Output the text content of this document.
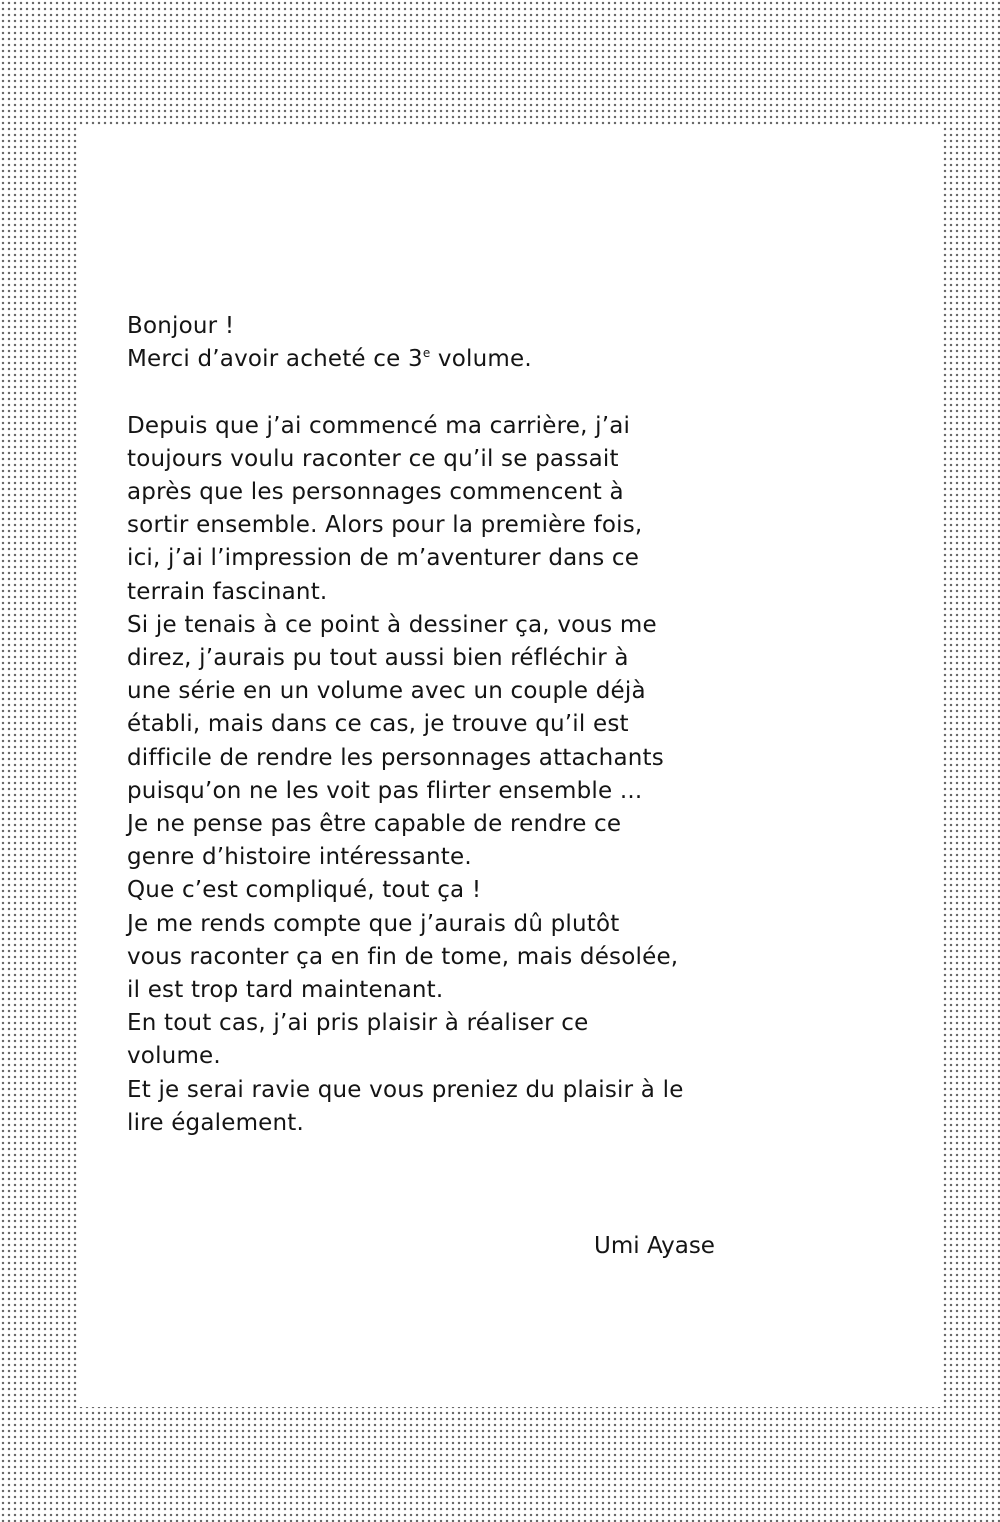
Bonjour !
Merci d’avoir acheté ce 3e volume.
Depuis que j’ai commencé ma carrière, j’ai
toujours voulu raconter ce qu’il se passait
après que les personnages commencent à
sortir ensemble. Alors pour la première fois,
ici, j’ai l’impression de m’aventurer dans ce
terrain fascinant.
Si je tenais à ce point à dessiner ça, vous me
direz, j’aurais pu tout aussi bien réfléchir à
une série en un volume avec un couple déjà
établi, mais dans ce cas, je trouve qu’il est
difficile de rendre les personnages attachants
puisqu’on ne les voit pas flirter ensemble ...
Je ne pense pas être capable de rendre ce
genre d’histoire intéressante.
Que c’est compliqué, tout ça !
Je me rends compte que j’aurais dû plutôt
vous raconter ça en fin de tome, mais désolée,
il est trop tard maintenant.
En tout cas, j’ai pris plaisir à réaliser ce
volume.
Et je serai ravie que vous preniez du plaisir à le
lire également.
Umi Ayase
